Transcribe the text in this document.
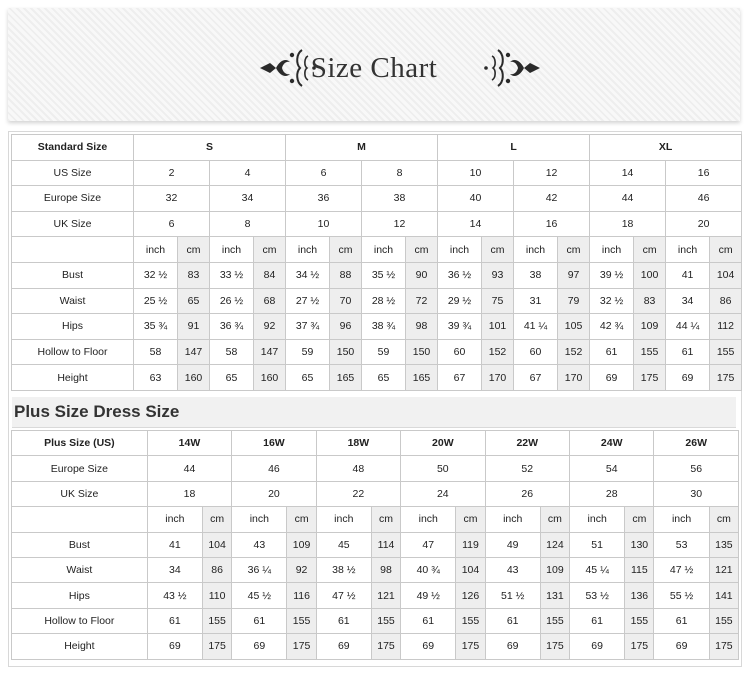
Size Chart
Standard Size	S				M				L				XL			
US Size	2		4		6		8		10		12		14		16	
Europe Size	32		34		36		38		40		42		44		46	
UK Size	6		8		10		12		14		16		18		20	
	inch	cm	inch	cm	inch	cm	inch	cm	inch	cm	inch	cm	inch	cm	inch	cm
Bust	32 ½	83	33 ½	84	34 ½	88	35 ½	90	36 ½	93	38	97	39 ½	100	41	104
Waist	25 ½	65	26 ½	68	27 ½	70	28 ½	72	29 ½	75	31	79	32 ½	83	34	86
Hips	35 ¾	91	36 ¾	92	37 ¾	96	38 ¾	98	39 ¾	101	41 ¼	105	42 ¾	109	44 ¼	112
Hollow to Floor	58	147	58	147	59	150	59	150	60	152	60	152	61	155	61	155
Height	63	160	65	160	65	165	65	165	67	170	67	170	69	175	69	175
Plus Size Dress Size
Plus Size (US)	14W		16W		18W		20W		22W		24W		26W	
Europe Size	44		46		48		50		52		54		56	
UK Size	18		20		22		24		26		28		30	
	inch	cm	inch	cm	inch	cm	inch	cm	inch	cm	inch	cm	inch	cm
Bust	41	104	43	109	45	114	47	119	49	124	51	130	53	135
Waist	34	86	36 ¼	92	38 ½	98	40 ¾	104	43	109	45 ¼	115	47 ½	121
Hips	43 ½	110	45 ½	116	47 ½	121	49 ½	126	51 ½	131	53 ½	136	55 ½	141
Hollow to Floor	61	155	61	155	61	155	61	155	61	155	61	155	61	155
Height	69	175	69	175	69	175	69	175	69	175	69	175	69	175
